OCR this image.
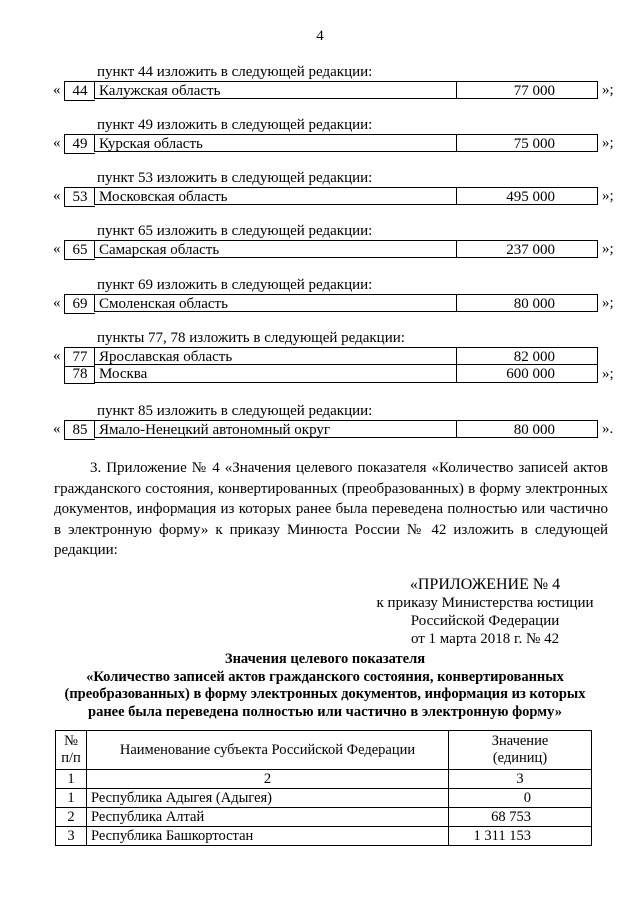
4
пункт 44 изложить в следующей редакции:
44 Калужская область	77 000
«	»;
пункт 49 изложить в следующей редакции:
49 Курская область	75 000
«	»;
пункт 53 изложить в следующей редакции:
53 Московская область	495 000
«	»;
пункт 65 изложить в следующей редакции:
65 Самарская область	237 000
«	»;
пункт 69 изложить в следующей редакции:
69 Смоленская область	80 000
«	»;
пункты 77, 78 изложить в следующей редакции:
77 Ярославская область	82 000
78 Москва	600 000
«
»;
пункт 85 изложить в следующей редакции:
85 Ямало-Ненецкий автономный округ	80 000
«	».
3. Приложение № 4 «Значения целевого показателя «Количество записей актов гражданского состояния, конвертированных (преобразованных) в форму электронных документов, информация из которых ранее была переведена полностью или частично в электронную форму» к приказу Минюста России № 42 изложить в следующей редакции:
«ПРИЛОЖЕНИЕ № 4
к приказу Министерства юстиции
Российской Федерации
от 1 марта 2018 г. № 42
Значения целевого показателя
«Количество записей актов гражданского состояния, конвертированных
(преобразованных) в форму электронных документов, информация из которых
ранее была переведена полностью или частично в электронную форму»
№
п/п	Наименование субъекта Российской Федерации	Значение
(единиц)
1	2	3
1	Республика Адыгея (Адыгея)	0
2	Республика Алтай	68 753
3	Республика Башкортостан	1 311 153
